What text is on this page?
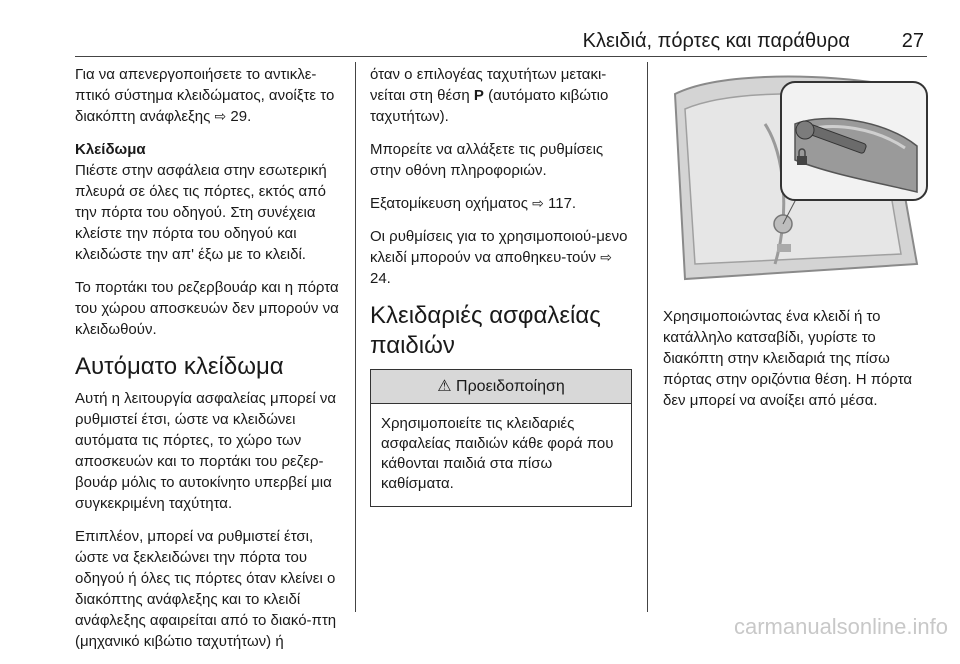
Κλειδιά, πόρτες και παράθυρα	27

Για να απενεργοποιήσετε το αντικλε‐πτικό σύστημα κλειδώματος, ανοίξτε το διακόπτη ανάφλεξης ⇨ 29.

Κλείδωμα
Πιέστε στην ασφάλεια στην εσωτερική πλευρά σε όλες τις πόρτες, εκτός από την πόρτα του οδηγού. Στη συνέχεια κλείστε την πόρτα του οδηγού και κλειδώστε την απ' έξω με το κλειδί.

Το πορτάκι του ρεζερβουάρ και η πόρτα του χώρου αποσκευών δεν μπορούν να κλειδωθούν.

Αυτόματο κλείδωμα

Αυτή η λειτουργία ασφαλείας μπορεί να ρυθμιστεί έτσι, ώστε να κλειδώνει αυτόματα τις πόρτες, το χώρο των αποσκευών και το πορτάκι του ρεζερ‐βουάρ μόλις το αυτοκίνητο υπερβεί μια συγκεκριμένη ταχύτητα.

Επιπλέον, μπορεί να ρυθμιστεί έτσι, ώστε να ξεκλειδώνει την πόρτα του οδηγού ή όλες τις πόρτες όταν κλείνει ο διακόπτης ανάφλεξης και το κλειδί ανάφλεξης αφαιρείται από το διακό‐πτη (μηχανικό κιβώτιο ταχυτήτων) ή

όταν ο επιλογέας ταχυτήτων μετακι‐νείται στη θέση P (αυτόματο κιβώτιο ταχυτήτων).

Μπορείτε να αλλάξετε τις ρυθμίσεις στην οθόνη πληροφοριών.

Εξατομίκευση οχήματος ⇨ 117.

Οι ρυθμίσεις για το χρησιμοποιού‐μενο κλειδί μπορούν να αποθηκευ‐τούν ⇨ 24.

Κλειδαριές ασφαλείας παιδιών
⚠ Προειδοποίηση
Χρησιμοποιείτε τις κλειδαριές ασφαλείας παιδιών κάθε φορά που κάθονται παιδιά στα πίσω καθίσματα.

Χρησιμοποιώντας ένα κλειδί ή το κατάλληλο κατσαβίδι, γυρίστε το διακόπτη στην κλειδαριά της πίσω πόρτας στην οριζόντια θέση. Η πόρτα δεν μπορεί να ανοίξει από μέσα.

carmanualsonline.info
